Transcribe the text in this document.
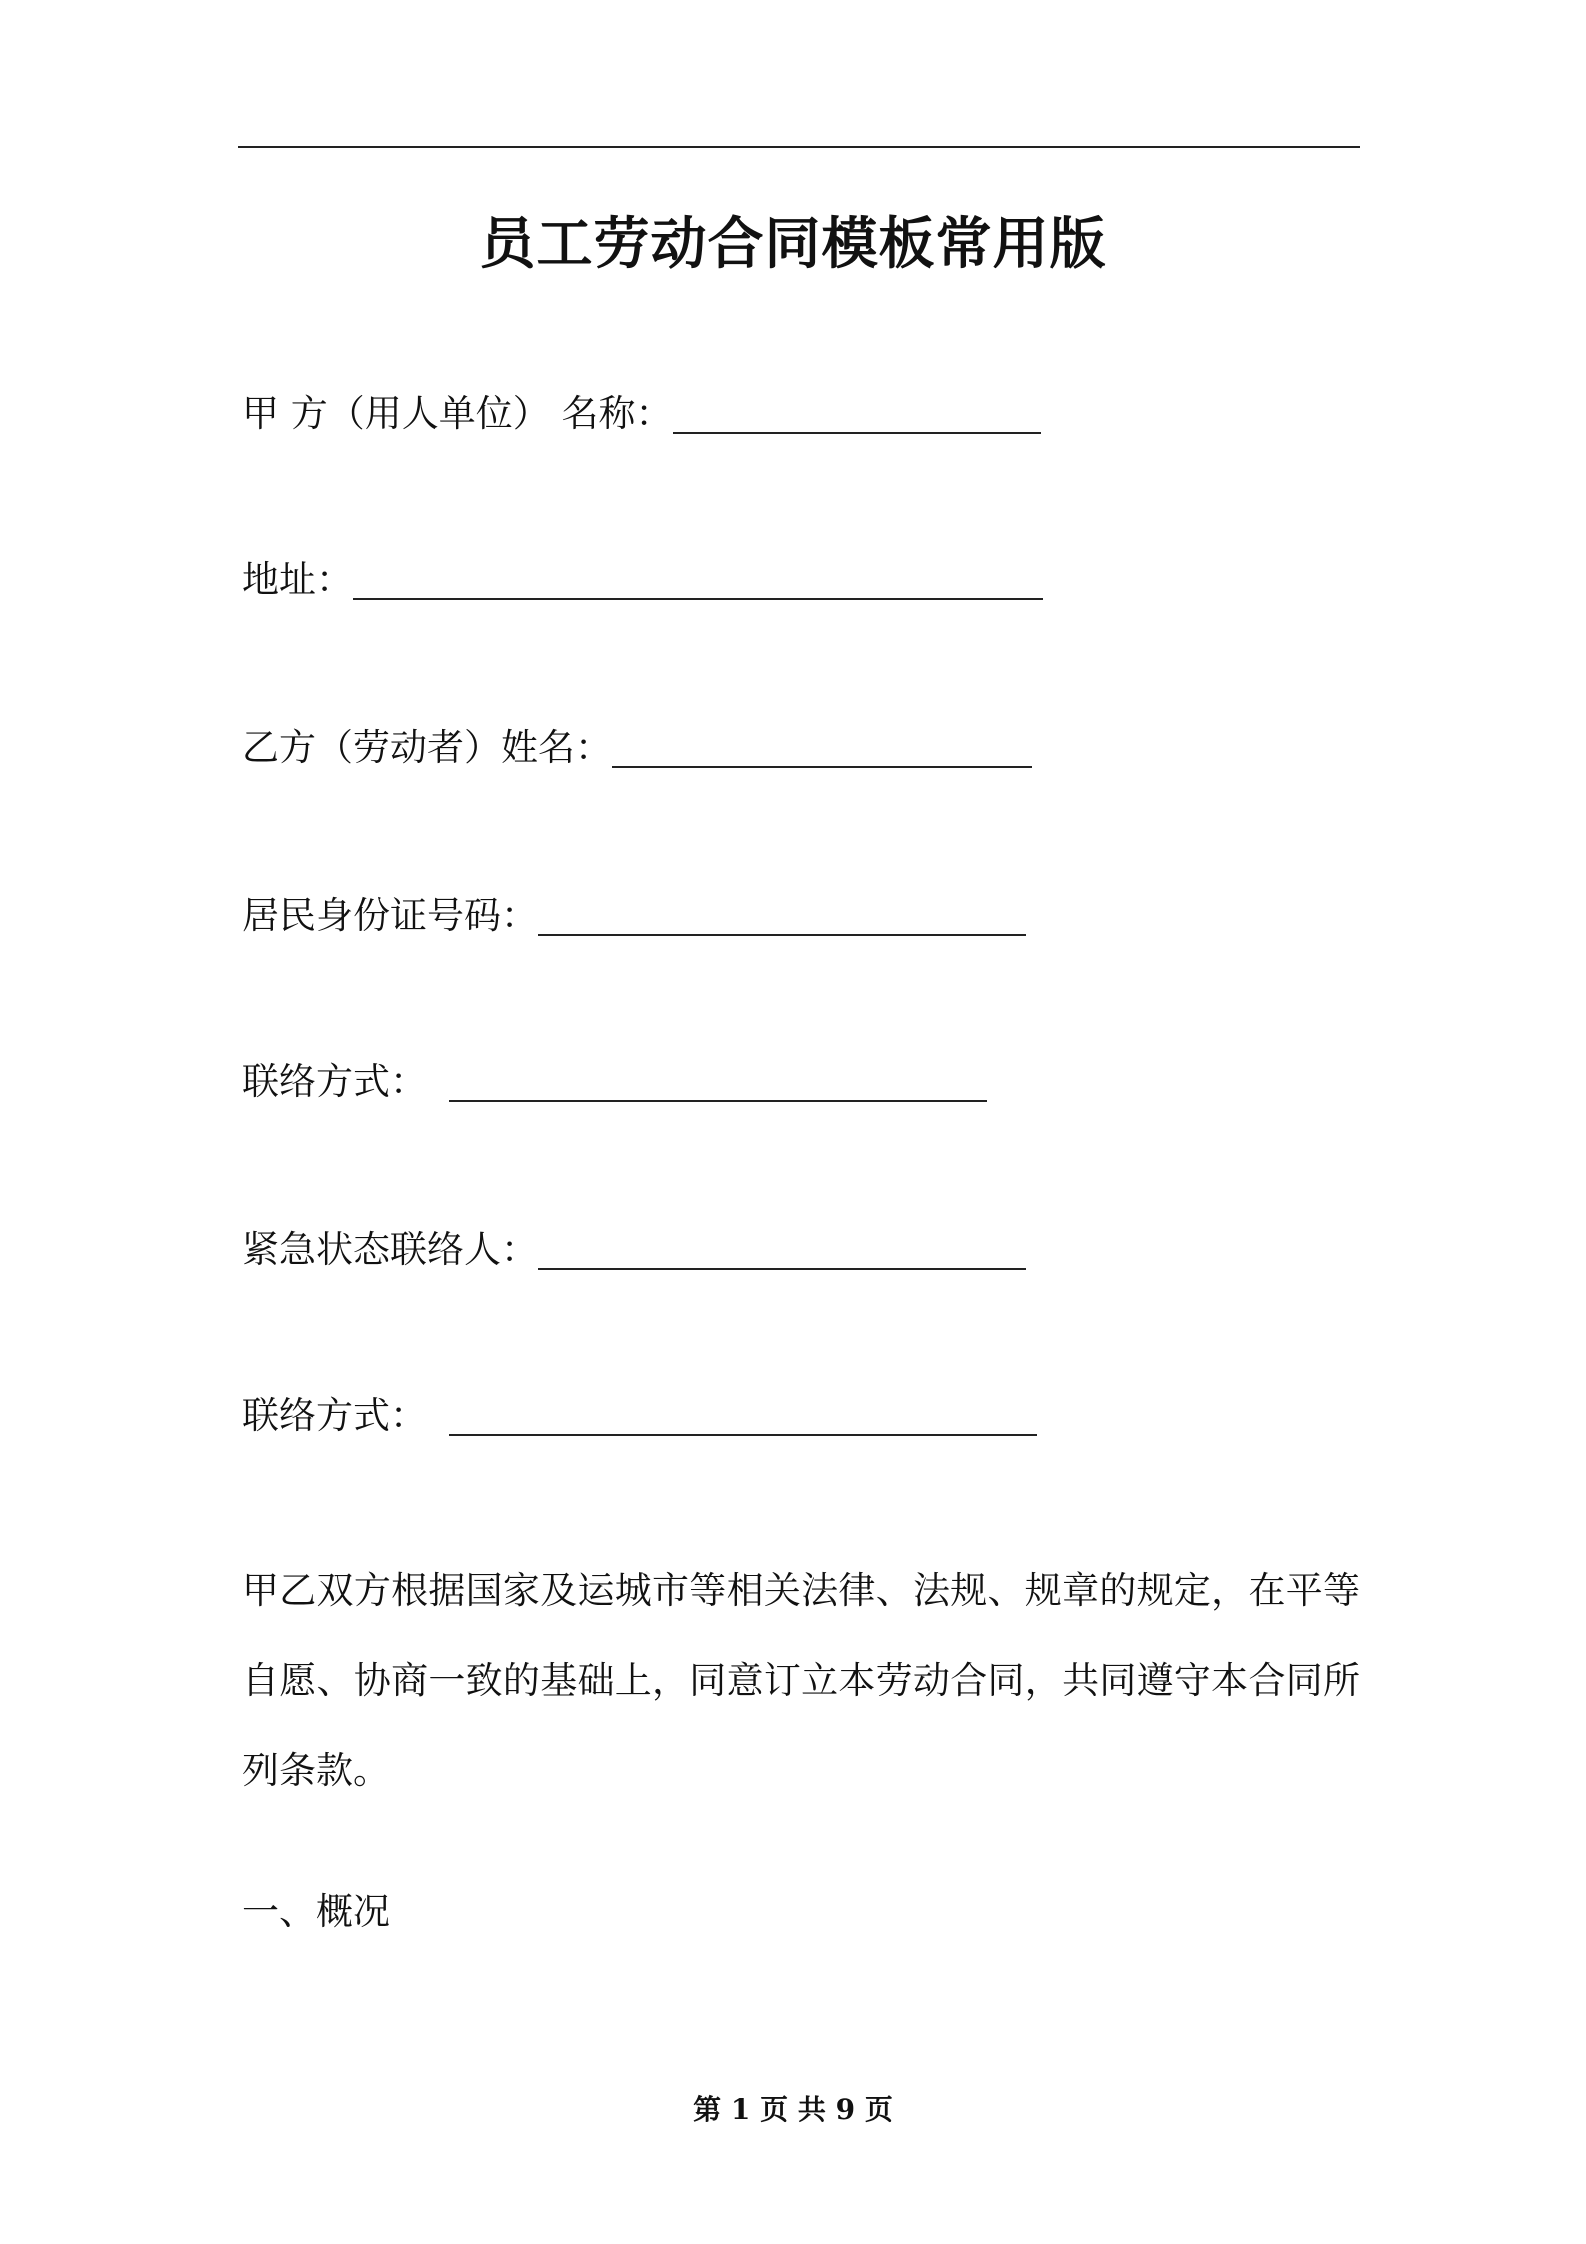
员工劳动合同模板常用版
甲 方（用人单位） 名称：
地址：
乙方（劳动者）姓名：
居民身份证号码：
联络方式：
紧急状态联络人：
联络方式：
甲乙双方根据国家及运城市等相关法律、法规、规章的规定，在平等自愿、协商一致的基础上，同意订立本劳动合同，共同遵守本合同所列条款。
一、概况
第 1 页 共 9 页
